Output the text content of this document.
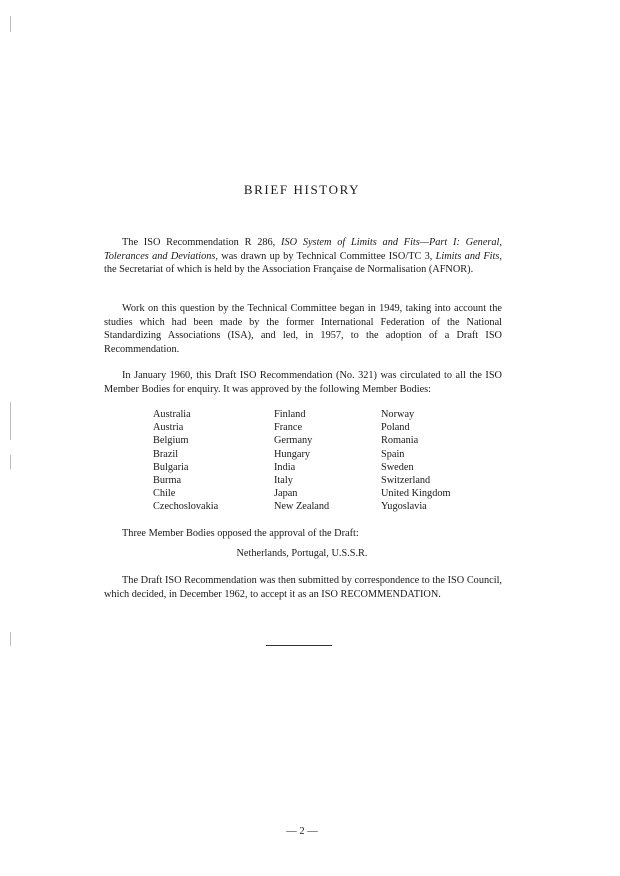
BRIEF HISTORY

The ISO Recommendation R 286, ISO System of Limits and Fits—Part I: General, Tolerances and Deviations, was drawn up by Technical Committee ISO/TC 3, Limits and Fits, the Secretariat of which is held by the Association Française de Normalisation (AFNOR).

Work on this question by the Technical Committee began in 1949, taking into account the studies which had been made by the former International Federation of the National Standardizing Associations (ISA), and led, in 1957, to the adoption of a Draft ISO Recommendation.

In January 1960, this Draft ISO Recommendation (No. 321) was circulated to all the ISO Member Bodies for enquiry. It was approved by the following Member Bodies:

Australia
Austria
Belgium
Brazil
Bulgaria
Burma
Chile
Czechoslovakia
Finland
France
Germany
Hungary
India
Italy
Japan
New Zealand
Norway
Poland
Romania
Spain
Sweden
Switzerland
United Kingdom
Yugoslavia

Three Member Bodies opposed the approval of the Draft:

Netherlands, Portugal, U.S.S.R.

The Draft ISO Recommendation was then submitted by correspondence to the ISO Council, which decided, in December 1962, to accept it as an ISO RECOMMENDATION.

— 2 —
